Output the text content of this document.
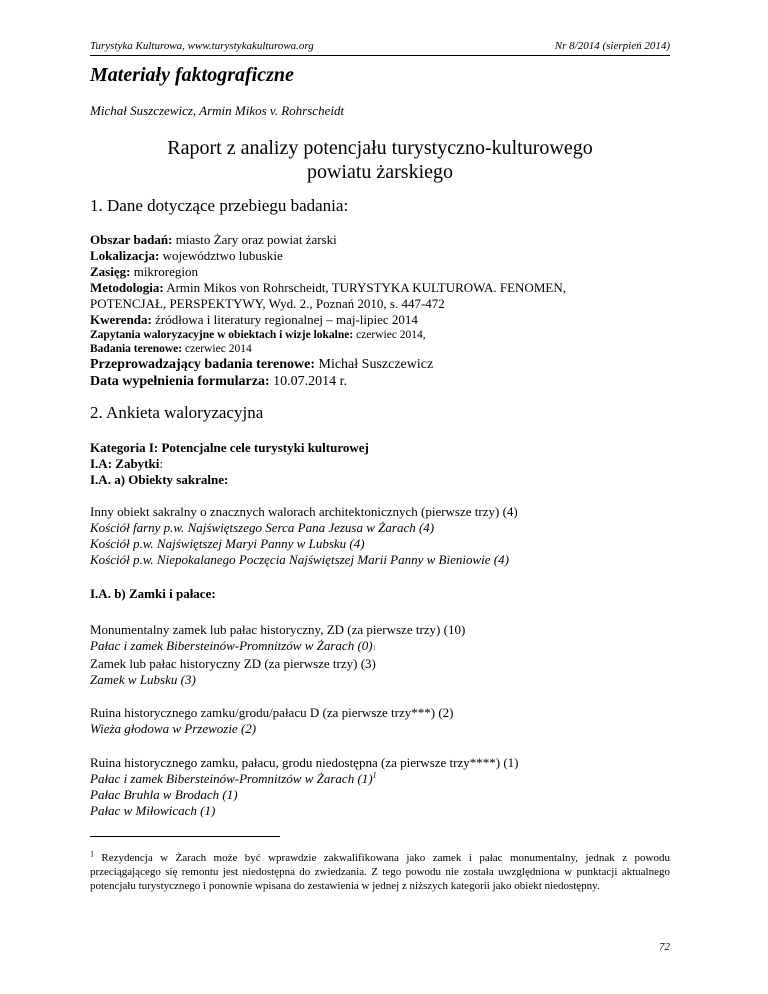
Turystyka Kulturowa, www.turystykakulturowa.org	Nr 8/2014 (sierpień 2014)
Materiały faktograficzne
Michał Suszczewicz, Armin Mikos v. Rohrscheidt
Raport z analizy potencjału turystyczno-kulturowego
powiatu żarskiego
1. Dane dotyczące przebiegu badania:
Obszar badań: miasto Żary oraz powiat żarski
Lokalizacja: województwo lubuskie
Zasięg: mikroregion
Metodologia: Armin Mikos von Rohrscheidt, TURYSTYKA KULTUROWA. FENOMEN,
POTENCJAŁ, PERSPEKTYWY, Wyd. 2., Poznań 2010, s. 447-472
Kwerenda: źródłowa i literatury regionalnej – maj-lipiec 2014
Zapytania waloryzacyjne w obiektach i wizje lokalne: czerwiec 2014,
Badania terenowe: czerwiec 2014
Przeprowadzający badania terenowe: Michał Suszczewicz
Data wypełnienia formularza: 10.07.2014 r.
2. Ankieta waloryzacyjna
Kategoria I: Potencjalne cele turystyki kulturowej
I.A: Zabytki:
I.A. a) Obiekty sakralne:
Inny obiekt sakralny o znacznych walorach architektonicznych (pierwsze trzy) (4)
Kościół farny p.w. Najświętszego Serca Pana Jezusa w Żarach (4)
Kościół p.w. Najświętszej Maryi Panny w Lubsku (4)
Kościół p.w. Niepokalanego Poczęcia Najświętszej Marii Panny w Bieniowie (4)
I.A. b) Zamki i pałace:
Monumentalny zamek lub pałac historyczny, ZD (za pierwsze trzy) (10)
Pałac i zamek Bibersteinów-Promnitzów w Żarach (0)1
Zamek lub pałac historyczny ZD (za pierwsze trzy) (3)
Zamek w Lubsku (3)
Ruina historycznego zamku/grodu/pałacu D (za pierwsze trzy***) (2)
Wieża głodowa w Przewozie (2)
Ruina historycznego zamku, pałacu, grodu niedostępna (za pierwsze trzy****) (1)
Pałac i zamek Bibersteinów-Promnitzów w Żarach $(1)^1$
Pałac Bruhla w Brodach (1)
Pałac w Miłowicach (1)
$^1$ Rezydencja w Żarach może być wprawdzie zakwalifikowana jako zamek i pałac monumentalny, jednak z powodu przeciągającego się remontu jest niedostępna do zwiedzania. Z tego powodu nie została uwzględniona w punktacji aktualnego potencjału turystycznego i ponownie wpisana do zestawienia w jednej z niższych kategorii jako obiekt niedostępny.
72
